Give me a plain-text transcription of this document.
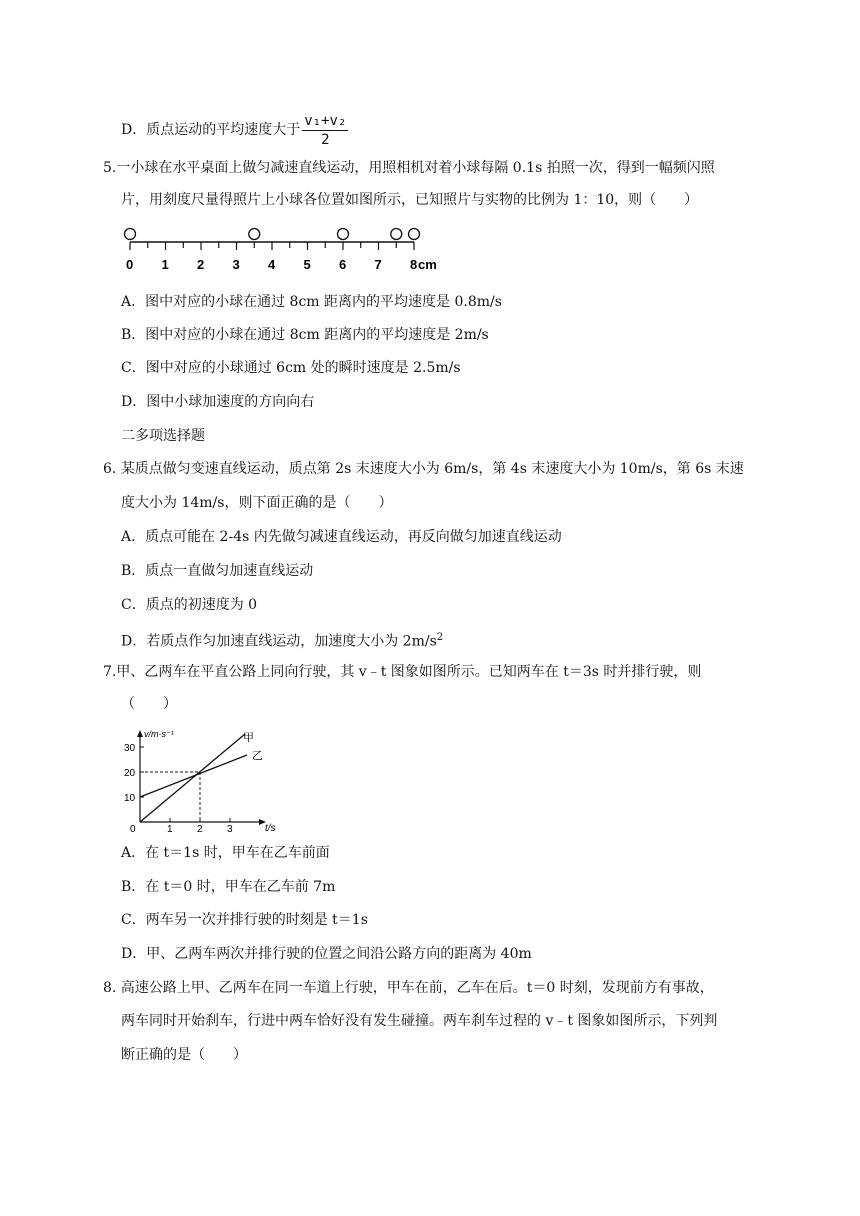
D．质点运动的平均速度大于 $\frac{\text{v₁+v₂}}{2}$
5.一小球在水平桌面上做匀减速直线运动，用照相机对着小球每隔 0.1s 拍照一次，得到一幅频闪照
片，用刻度尺量得照片上小球各位置如图所示，已知照片与实物的比例为 1：10，则（　　）
0 1 2 3 4 5 6 7 8 cm
A．图中对应的小球在通过 8cm 距离内的平均速度是 0.8m/s
B．图中对应的小球在通过 8cm 距离内的平均速度是 2m/s
C．图中对应的小球通过 6cm 处的瞬时速度是 2.5m/s
D．图中小球加速度的方向向右
二多项选择题
6. 某质点做匀变速直线运动，质点第 2s 末速度大小为 6m/s，第 4s 末速度大小为 10m/s，第 6s 末速
度大小为 14m/s，则下面正确的是（　　）
A．质点可能在 2-4s 内先做匀减速直线运动，再反向做匀加速直线运动
B．质点一直做匀加速直线运动
C．质点的初速度为 0
D．若质点作匀加速直线运动，加速度大小为 $2m/s^2$
7.甲、乙两车在平直公路上同向行驶，其 v﹣t 图象如图所示。已知两车在 t＝3s 时并排行驶，则
（　　）
v/m·s⁻¹
t/s
0	1 2 3
10
20
30
甲
乙
A．在 t＝1s 时，甲车在乙车前面
B．在 t＝0 时，甲车在乙车前 7m
C．两车另一次并排行驶的时刻是 t＝1s
D．甲、乙两车两次并排行驶的位置之间沿公路方向的距离为 40m
8. 高速公路上甲、乙两车在同一车道上行驶，甲车在前，乙车在后。t＝0 时刻，发现前方有事故，
两车同时开始刹车，行进中两车恰好没有发生碰撞。两车刹车过程的 v﹣t 图象如图所示，下列判
断正确的是（　　）
